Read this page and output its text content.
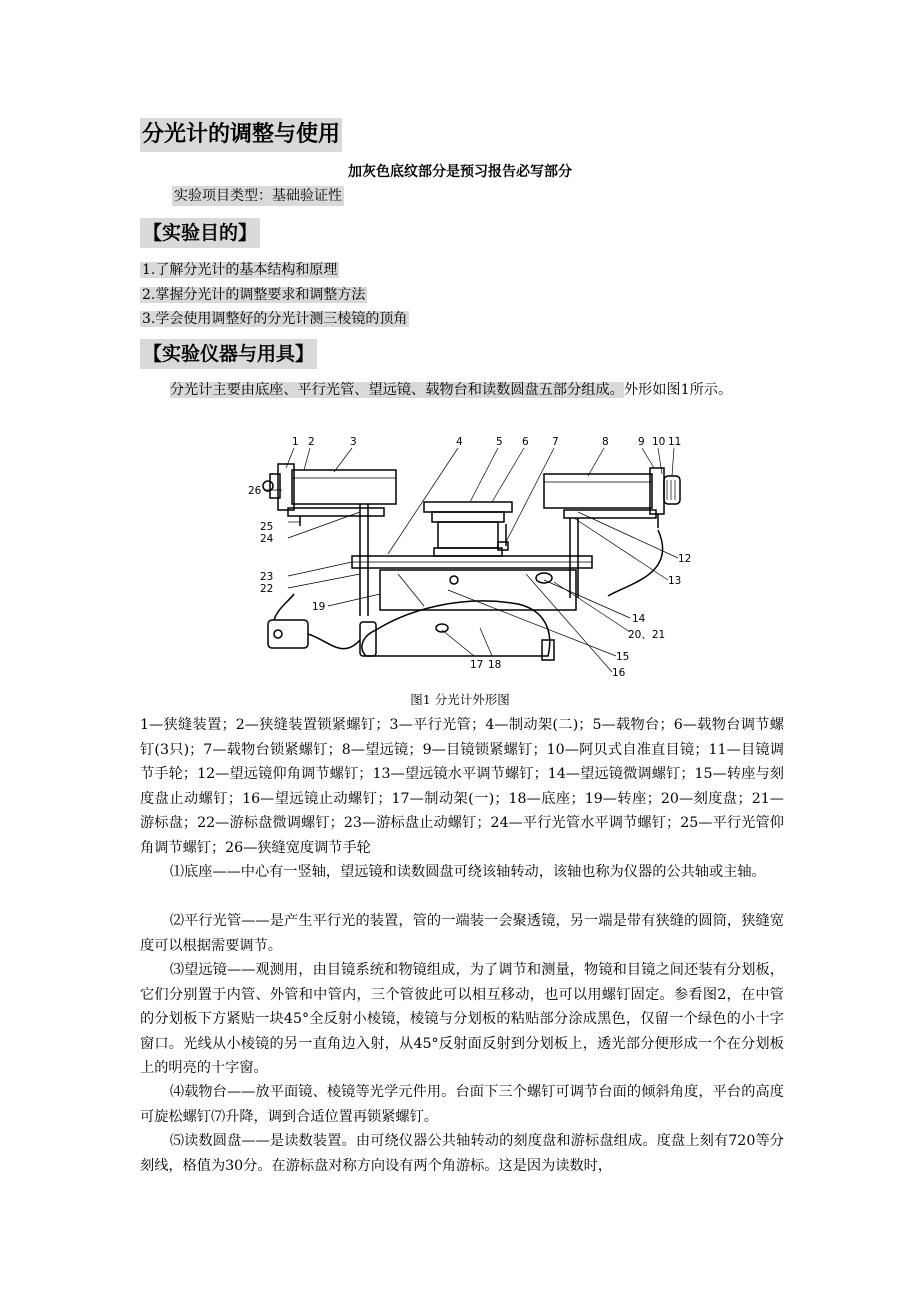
分光计的调整与使用
加灰色底纹部分是预习报告必写部分
实验项目类型：基础验证性
【实验目的】
1.了解分光计的基本结构和原理
2.掌握分光计的调整要求和调整方法
3.学会使用调整好的分光计测三棱镜的顶角
【实验仪器与用具】
分光计主要由底座、平行光管、望远镜、载物台和读数圆盘五部分组成。外形如图1所示。
1 2	3	4	5 6 7	8	9 10 11
12
13
14
15
16
17 18
19
20、21
22
23
24
25
26
图1 分光计外形图
1—狭缝装置；2—狭缝装置锁紧螺钉；3—平行光管；4—制动架(二)；5—载物台；6—载物台调节螺钉(3只)；7—载物台锁紧螺钉；8—望远镜；9—目镜锁紧螺钉；10—阿贝式自准直目镜；11—目镜调节手轮；12—望远镜仰角调节螺钉；13—望远镜水平调节螺钉；14—望远镜微调螺钉；15—转座与刻度盘止动螺钉；16—望远镜止动螺钉；17—制动架(一)；18—底座；19—转座；20—刻度盘；21—游标盘；22—游标盘微调螺钉；23—游标盘止动螺钉；24—平行光管水平调节螺钉；25—平行光管仰角调节螺钉；26—狭缝宽度调节手轮
⑴底座——中心有一竖轴，望远镜和读数圆盘可绕该轴转动，该轴也称为仪器的公共轴或主轴。
⑵平行光管——是产生平行光的装置，管的一端装一会聚透镜，另一端是带有狭缝的圆筒，狭缝宽度可以根据需要调节。
⑶望远镜——观测用，由目镜系统和物镜组成，为了调节和测量，物镜和目镜之间还装有分划板，它们分别置于内管、外管和中管内，三个管彼此可以相互移动，也可以用螺钉固定。参看图2，在中管的分划板下方紧贴一块45°全反射小棱镜，棱镜与分划板的粘贴部分涂成黑色，仅留一个绿色的小十字窗口。光线从小棱镜的另一直角边入射，从45°反射面反射到分划板上，透光部分便形成一个在分划板上的明亮的十字窗。
⑷载物台——放平面镜、棱镜等光学元件用。台面下三个螺钉可调节台面的倾斜角度，平台的高度可旋松螺钉⑺升降，调到合适位置再锁紧螺钉。
⑸读数圆盘——是读数装置。由可绕仪器公共轴转动的刻度盘和游标盘组成。度盘上刻有720等分刻线，格值为30分。在游标盘对称方向设有两个角游标。这是因为读数时，
